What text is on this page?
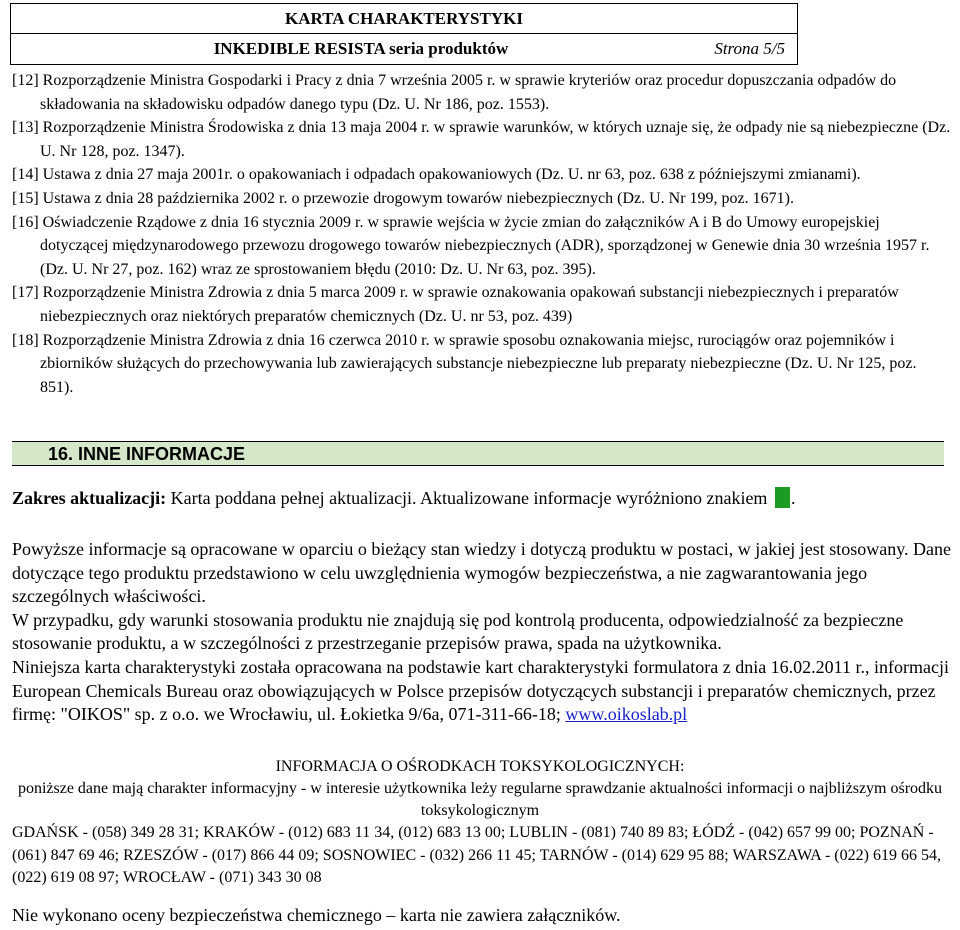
KARTA CHARAKTERYSTYKI
INKEDIBLE RESISTA seria produktów	Strona 5/5

[12] Rozporządzenie Ministra Gospodarki i Pracy z dnia 7 września 2005 r. w sprawie kryteriów oraz procedur dopuszczania odpadów do składowania na składowisku odpadów danego typu (Dz. U. Nr 186, poz. 1553).

[13] Rozporządzenie Ministra Środowiska z dnia 13 maja 2004 r. w sprawie warunków, w których uznaje się, że odpady nie są niebezpieczne (Dz. U. Nr 128, poz. 1347).

[14] Ustawa z dnia 27 maja 2001r. o opakowaniach i odpadach opakowaniowych (Dz. U. nr 63, poz. 638 z późniejszymi zmianami).

[15] Ustawa z dnia 28 października 2002 r. o przewozie drogowym towarów niebezpiecznych (Dz. U. Nr 199, poz. 1671).

[16] Oświadczenie Rządowe z dnia 16 stycznia 2009 r. w sprawie wejścia w życie zmian do załączników A i B do Umowy europejskiej dotyczącej międzynarodowego przewozu drogowego towarów niebezpiecznych (ADR), sporządzonej w Genewie dnia 30 września 1957 r. (Dz. U. Nr 27, poz. 162) wraz ze sprostowaniem błędu (2010: Dz. U. Nr 63, poz. 395).

[17] Rozporządzenie Ministra Zdrowia z dnia 5 marca 2009 r. w sprawie oznakowania opakowań substancji niebezpiecznych i preparatów niebezpiecznych oraz niektórych preparatów chemicznych (Dz. U. nr 53, poz. 439)

[18] Rozporządzenie Ministra Zdrowia z dnia 16 czerwca 2010 r. w sprawie sposobu oznakowania miejsc, rurociągów oraz pojemników i zbiorników służących do przechowywania lub zawierających substancje niebezpieczne lub preparaty niebezpieczne (Dz. U. Nr 125, poz. 851).

16. INNE INFORMACJE
Zakres aktualizacji: Karta poddana pełnej aktualizacji. Aktualizowane informacje wyróżniono znakiem .
Powyższe informacje są opracowane w oparciu o bieżący stan wiedzy i dotyczą produktu w postaci, w jakiej jest stosowany. Dane dotyczące tego produktu przedstawiono w celu uwzględnienia wymogów bezpieczeństwa, a nie zagwarantowania jego szczególnych właściwości.
W przypadku, gdy warunki stosowania produktu nie znajdują się pod kontrolą producenta, odpowiedzialność za bezpieczne stosowanie produktu, a w szczególności z przestrzeganie przepisów prawa, spada na użytkownika.
Niniejsza karta charakterystyki została opracowana na podstawie kart charakterystyki formulatora z dnia 16.02.2011 r., informacji European Chemicals Bureau oraz obowiązujących w Polsce przepisów dotyczących substancji i preparatów chemicznych, przez firmę: "OIKOS" sp. z o.o. we Wrocławiu, ul. Łokietka 9/6a, 071-311-66-18; www.oikoslab.pl
INFORMACJA O OŚRODKACH TOKSYKOLOGICZNYCH:
poniższe dane mają charakter informacyjny - w interesie użytkownika leży regularne sprawdzanie aktualności informacji o najbliższym ośrodku toksykologicznym
GDAŃSK - (058) 349 28 31; KRAKÓW - (012) 683 11 34, (012) 683 13 00; LUBLIN - (081) 740 89 83; ŁÓDŹ - (042) 657 99 00; POZNAŃ - (061) 847 69 46; RZESZÓW - (017) 866 44 09; SOSNOWIEC - (032) 266 11 45; TARNÓW - (014) 629 95 88; WARSZAWA - (022) 619 66 54, (022) 619 08 97; WROCŁAW - (071) 343 30 08
Nie wykonano oceny bezpieczeństwa chemicznego – karta nie zawiera załączników.
